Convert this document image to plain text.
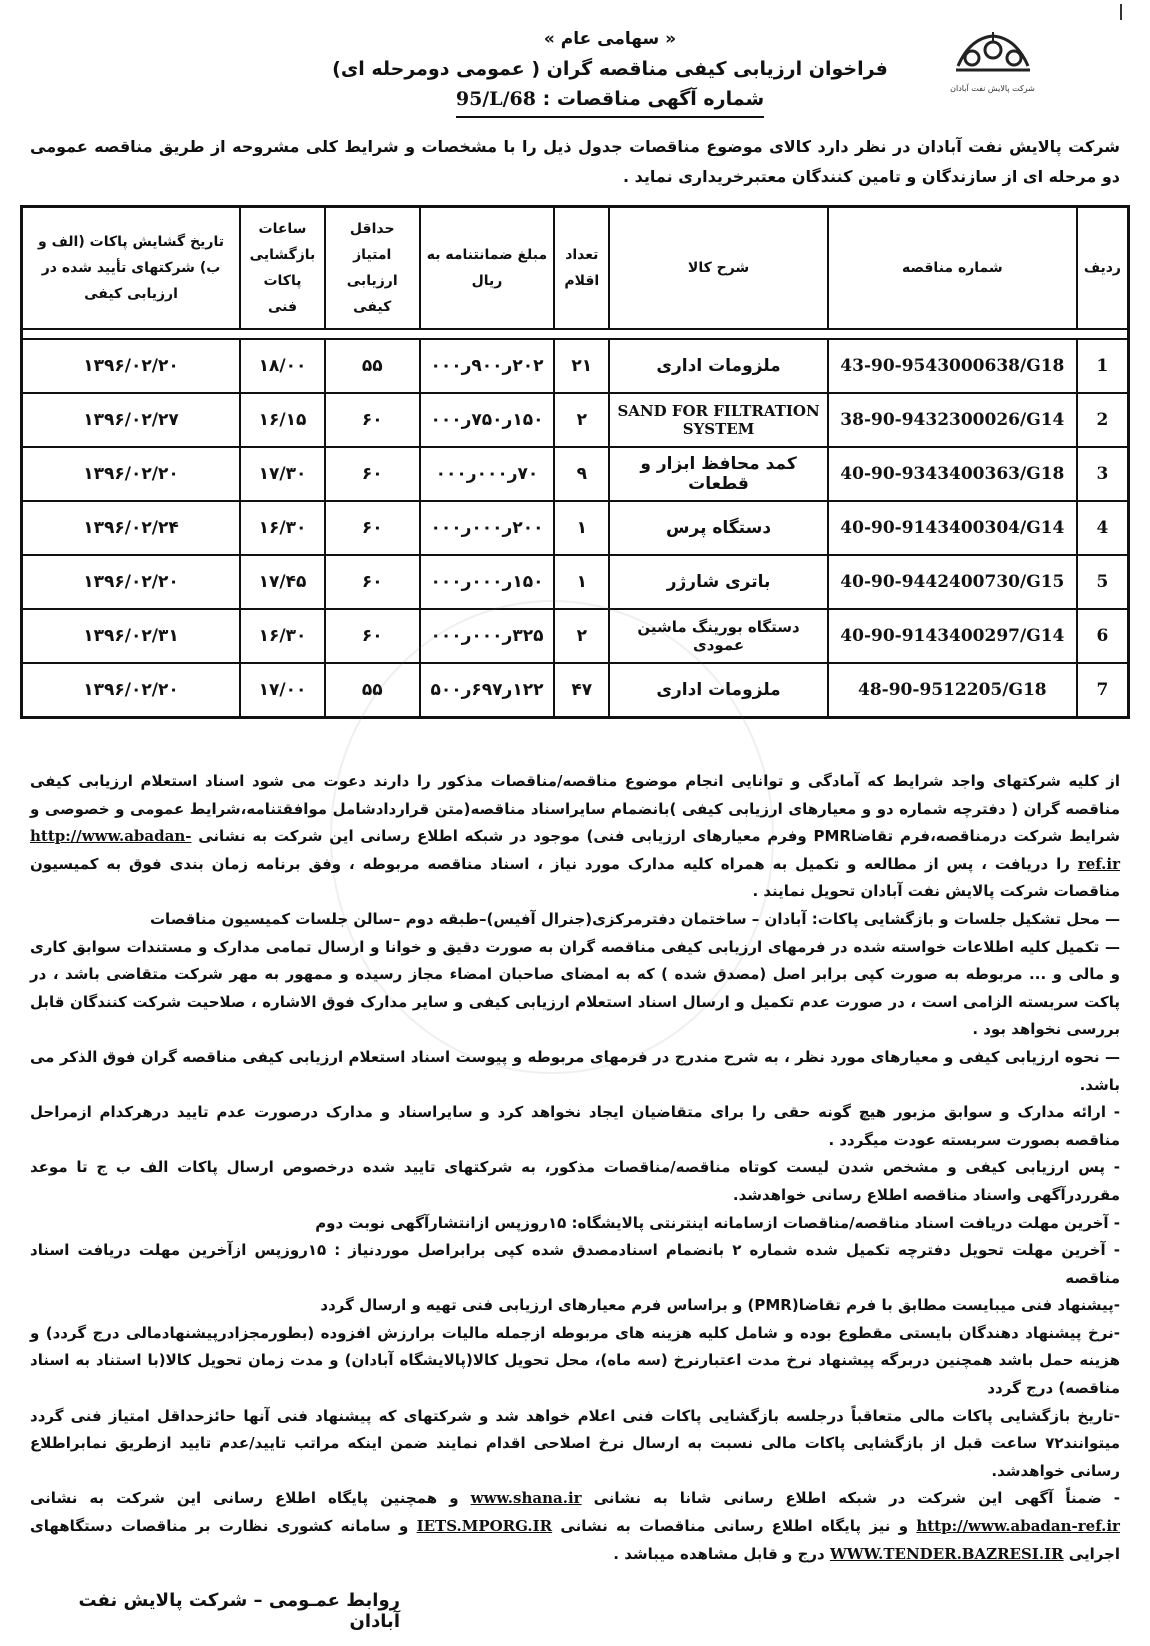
شرکت پالایش نفت آبادان
« سهامی عام »
فراخوان ارزیابی کیفی مناقصه گران ( عمومی دومرحله ای)
شماره آگهی مناقصات : 95/L/68
شرکت پالایش نفت آبادان در نظر دارد کالای موضوع مناقصات جدول ذیل را با مشخصات و شرایط کلی مشروحه از طریق مناقصه عمومی دو مرحله ای از سازندگان و تامین کنندگان معتبرخریداری نماید .
ردیف	شماره مناقصه	شرح کالا	تعداد اقلام	مبلغ ضمانتنامه به ریال	حداقل امتیاز ارزیابی کیفی	ساعات بازگشایی پاکات فنی	تاریخ گشایش پاکات (الف و ب) شرکتهای تأیید شده در ارزیابی کیفی

1	43-90-9543000638/G18	ملزومات اداری	۲۱	۲۰۲ر۹۰۰ر۰۰۰	۵۵	۱۸/۰۰	۱۳۹۶/۰۲/۲۰
2	38-90-9432300026/G14	SAND FOR FILTRATION SYSTEM	۲	۱۵۰ر۷۵۰ر۰۰۰	۶۰	۱۶/۱۵	۱۳۹۶/۰۲/۲۷
3	40-90-9343400363/G18	کمد محافظ ابزار و قطعات	۹	۷۰ر۰۰۰ر۰۰۰	۶۰	۱۷/۳۰	۱۳۹۶/۰۲/۲۰
4	40-90-9143400304/G14	دستگاه پرس	۱	۲۰۰ر۰۰۰ر۰۰۰	۶۰	۱۶/۳۰	۱۳۹۶/۰۲/۲۴
5	40-90-9442400730/G15	باتری شارژر	۱	۱۵۰ر۰۰۰ر۰۰۰	۶۰	۱۷/۴۵	۱۳۹۶/۰۲/۲۰
6	40-90-9143400297/G14	دستگاه بورینگ ماشین عمودی	۲	۳۲۵ر۰۰۰ر۰۰۰	۶۰	۱۶/۳۰	۱۳۹۶/۰۲/۳۱
7	48-90-9512205/G18	ملزومات اداری	۴۷	۱۲۲ر۶۹۷ر۵۰۰	۵۵	۱۷/۰۰	۱۳۹۶/۰۲/۲۰

از کلیه شرکتهای واجد شرایط که آمادگی و توانایی انجام موضوع مناقصه/مناقصات مذکور را دارند دعوت می شود اسناد استعلام ارزیابی کیفی مناقصه گران ( دفترچه شماره دو و معیارهای ارزیابی کیفی )بانضمام سایراسناد مناقصه(متن قراردادشامل موافقتنامه،شرایط عمومی و خصوصی و شرایط شرکت درمناقصه،فرم تقاضاPMR وفرم معیارهای ارزیابی فنی) موجود در شبکه اطلاع رسانی این شرکت به نشانی http://www.abadan-ref.ir را دریافت ، پس از مطالعه و تکمیل به همراه کلیه مدارک مورد نیاز ، اسناد مناقصه مربوطه ، وفق برنامه زمان بندی فوق به کمیسیون مناقصات شرکت پالایش نفت آبادان تحویل نمایند .

— محل تشکیل جلسات و بازگشایی پاکات: آبادان – ساختمان دفترمرکزی(جنرال آفیس)–طبقه دوم –سالن جلسات کمیسیون مناقصات

— تکمیل کلیه اطلاعات خواسته شده در فرمهای ارزیابی کیفی مناقصه گران به صورت دقیق و خوانا و ارسال تمامی مدارک و مستندات سوابق کاری و مالی و ... مربوطه به صورت کپی برابر اصل (مصدق شده ) که به امضای صاحبان امضاء مجاز رسیده و ممهور به مهر شرکت متقاضی باشد ، در پاکت سربسته الزامی است ، در صورت عدم تکمیل و ارسال اسناد استعلام ارزیابی کیفی و سایر مدارک فوق الاشاره ، صلاحیت شرکت کنندگان قابل بررسی نخواهد بود .

— نحوه ارزیابی کیفی و معیارهای مورد نظر ، به شرح مندرج در فرمهای مربوطه و پیوست اسناد استعلام ارزیابی کیفی مناقصه گران فوق الذکر می باشد.

- ارائه مدارک و سوابق مزبور هیچ گونه حقی را برای متقاضیان ایجاد نخواهد کرد و سایراسناد و مدارک درصورت عدم تایید درهرکدام ازمراحل مناقصه بصورت سربسته عودت میگردد .

- پس ارزیابی کیفی و مشخص شدن لیست کوتاه مناقصه/مناقصات مذکور، به شرکتهای تایید شده درخصوص ارسال پاکات الف ب ج تا موعد مقرردرآگهی واسناد مناقصه اطلاع رسانی خواهدشد.

- آخرین مهلت دریافت اسناد مناقصه/مناقصات ازسامانه اینترنتی پالایشگاه: ۱۵روزپس ازانتشارآگهی نوبت دوم

- آخرین مهلت تحویل دفترچه تکمیل شده شماره ۲ بانضمام اسنادمصدق شده کپی برابراصل موردنیاز : ۱۵روزپس ازآخرین مهلت دریافت اسناد مناقصه

-پیشنهاد فنی میبایست مطابق با فرم تقاضا(PMR) و براساس فرم معیارهای ارزیابی فنی تهیه و ارسال گردد

-نرخ پیشنهاد دهندگان بایستی مقطوع بوده و شامل کلیه هزینه های مربوطه ازجمله مالیات برارزش افزوده (بطورمجزادرپیشنهادمالی درج گردد) و هزینه حمل باشد همچنین دربرگه پیشنهاد نرخ مدت اعتبارنرخ (سه ماه)، محل تحویل کالا(پالایشگاه آبادان) و مدت زمان تحویل کالا(با استناد به اسناد مناقصه) درج گردد

-تاریخ بازگشایی پاکات مالی متعاقباً درجلسه بازگشایی پاکات فنی اعلام خواهد شد و شرکتهای که پیشنهاد فنی آنها حائزحداقل امتیاز فنی گردد میتوانند۷۲ ساعت قبل از بازگشایی پاکات مالی نسبت به ارسال نرخ اصلاحی اقدام نمایند ضمن اینکه مراتب تایید/عدم تایید ازطریق نمابراطلاع رسانی خواهدشد.

- ضمناً آگهی این شرکت در شبکه اطلاع رسانی شانا به نشانی www.shana.ir و همچنین پایگاه اطلاع رسانی این شرکت به نشانی http://www.abadan-ref.ir و نیز پایگاه اطلاع رسانی مناقصات به نشانی IETS.MPORG.IR و سامانه کشوری نظارت بر مناقصات دستگاههای اجرایی WWW.TENDER.BAZRESI.IR درج و قابل مشاهده میباشد .

روابط عمـومی – شرکت پالایش نفت آبادان
